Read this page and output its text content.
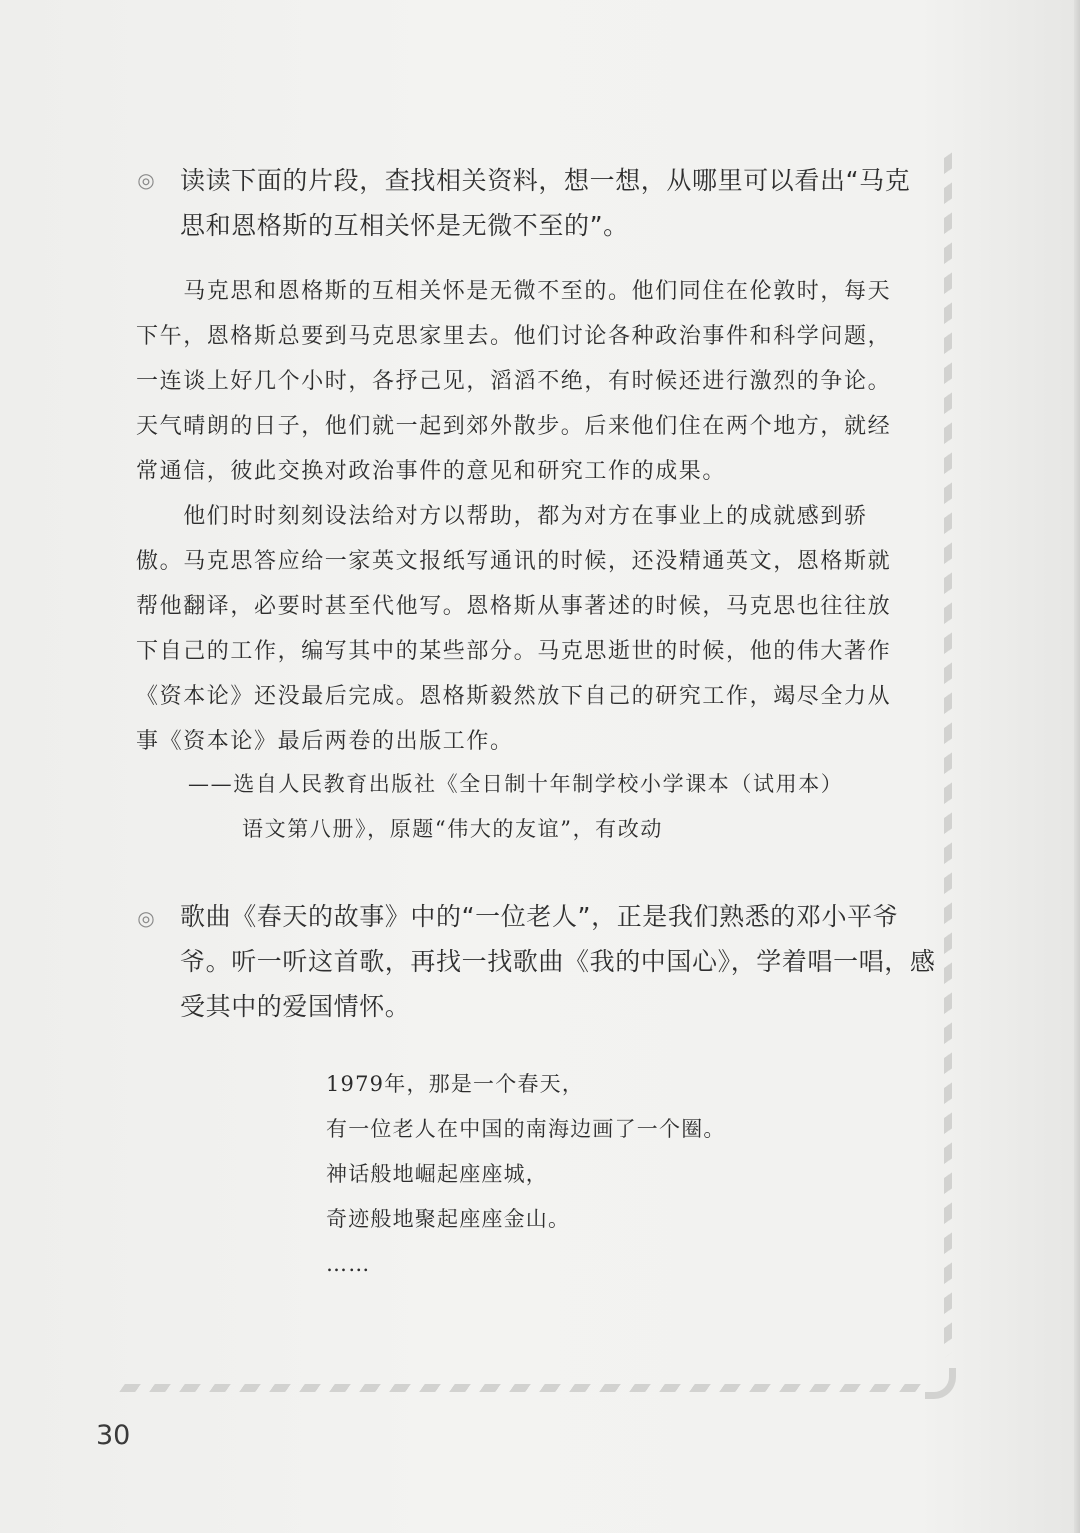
◎ 读读下面的片段，查找相关资料，想一想，从哪里可以看出“马克
思和恩格斯的互相关怀是无微不至的”。
　　马克思和恩格斯的互相关怀是无微不至的。他们同住在伦敦时，每天
下午，恩格斯总要到马克思家里去。他们讨论各种政治事件和科学问题，
一连谈上好几个小时，各抒己见，滔滔不绝，有时候还进行激烈的争论。
天气晴朗的日子，他们就一起到郊外散步。后来他们住在两个地方，就经
常通信，彼此交换对政治事件的意见和研究工作的成果。
　　他们时时刻刻设法给对方以帮助，都为对方在事业上的成就感到骄
傲。马克思答应给一家英文报纸写通讯的时候，还没精通英文，恩格斯就
帮他翻译，必要时甚至代他写。恩格斯从事著述的时候，马克思也往往放
下自己的工作，编写其中的某些部分。马克思逝世的时候，他的伟大著作
《资本论》还没最后完成。恩格斯毅然放下自己的研究工作，竭尽全力从
事《资本论》最后两卷的出版工作。
——选自人民教育出版社《全日制十年制学校小学课本（试用本）
语文第八册》，原题“伟大的友谊”，有改动
◎ 歌曲《春天的故事》中的“一位老人”，正是我们熟悉的邓小平爷
爷。听一听这首歌，再找一找歌曲《我的中国心》，学着唱一唱，感
受其中的爱国情怀。
1979年，那是一个春天，
有一位老人在中国的南海边画了一个圈。
神话般地崛起座座城，
奇迹般地聚起座座金山。
……
30
